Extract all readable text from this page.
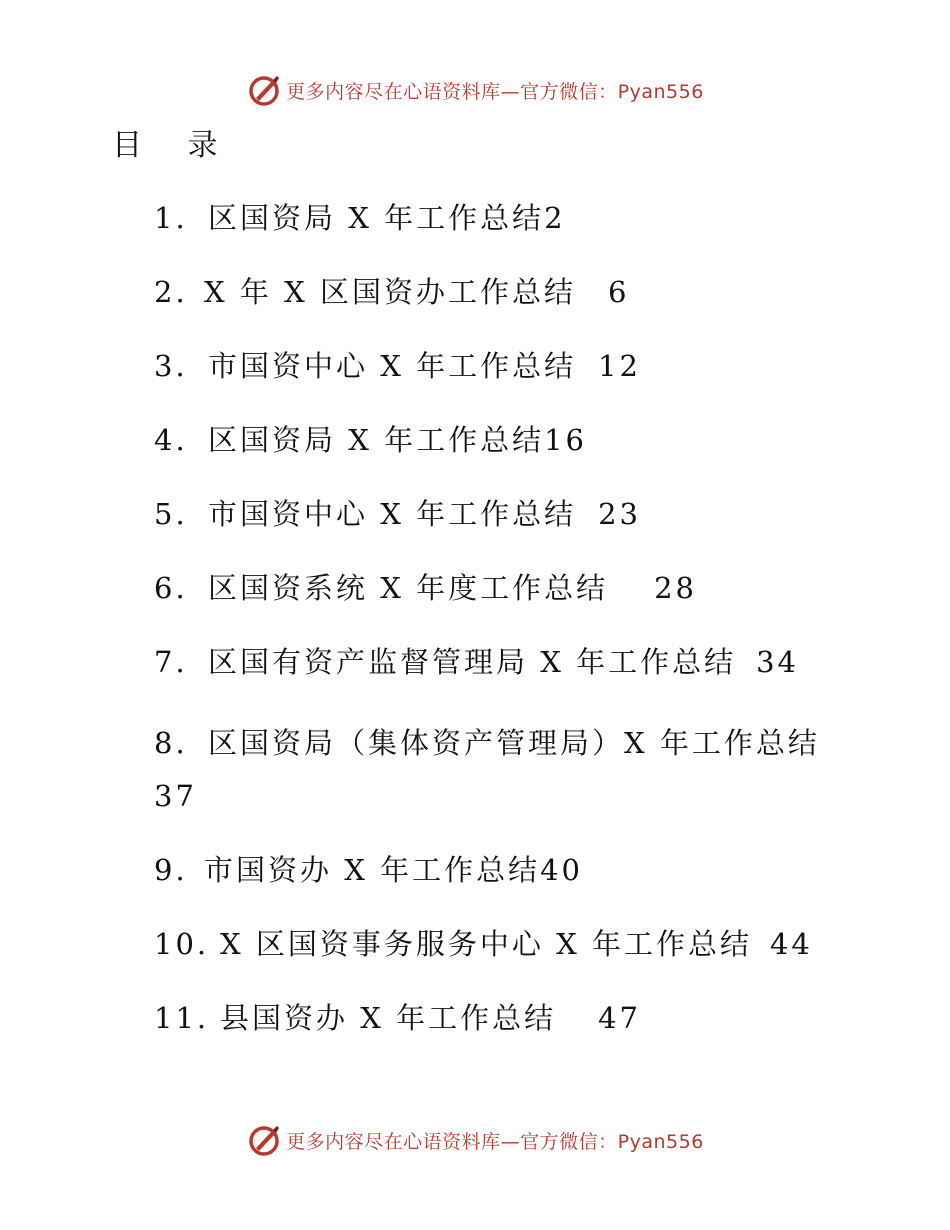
更多内容尽在心语资料库—官方微信：Pyan556
目 录
1. 区国资局 X 年工作总结2
2. X 年 X 区国资办工作总结 6
3. 市国资中心 X 年工作总结 12
4. 区国资局 X 年工作总结16
5. 市国资中心 X 年工作总结 23
6. 区国资系统 X 年度工作总结 28
7. 区国有资产监督管理局 X 年工作总结 34
8. 区国资局（集体资产管理局）X 年工作总结
37
9. 市国资办 X 年工作总结40
10. X 区国资事务服务中心 X 年工作总结 44
11. 县国资办 X 年工作总结 47
更多内容尽在心语资料库—官方微信：Pyan556
